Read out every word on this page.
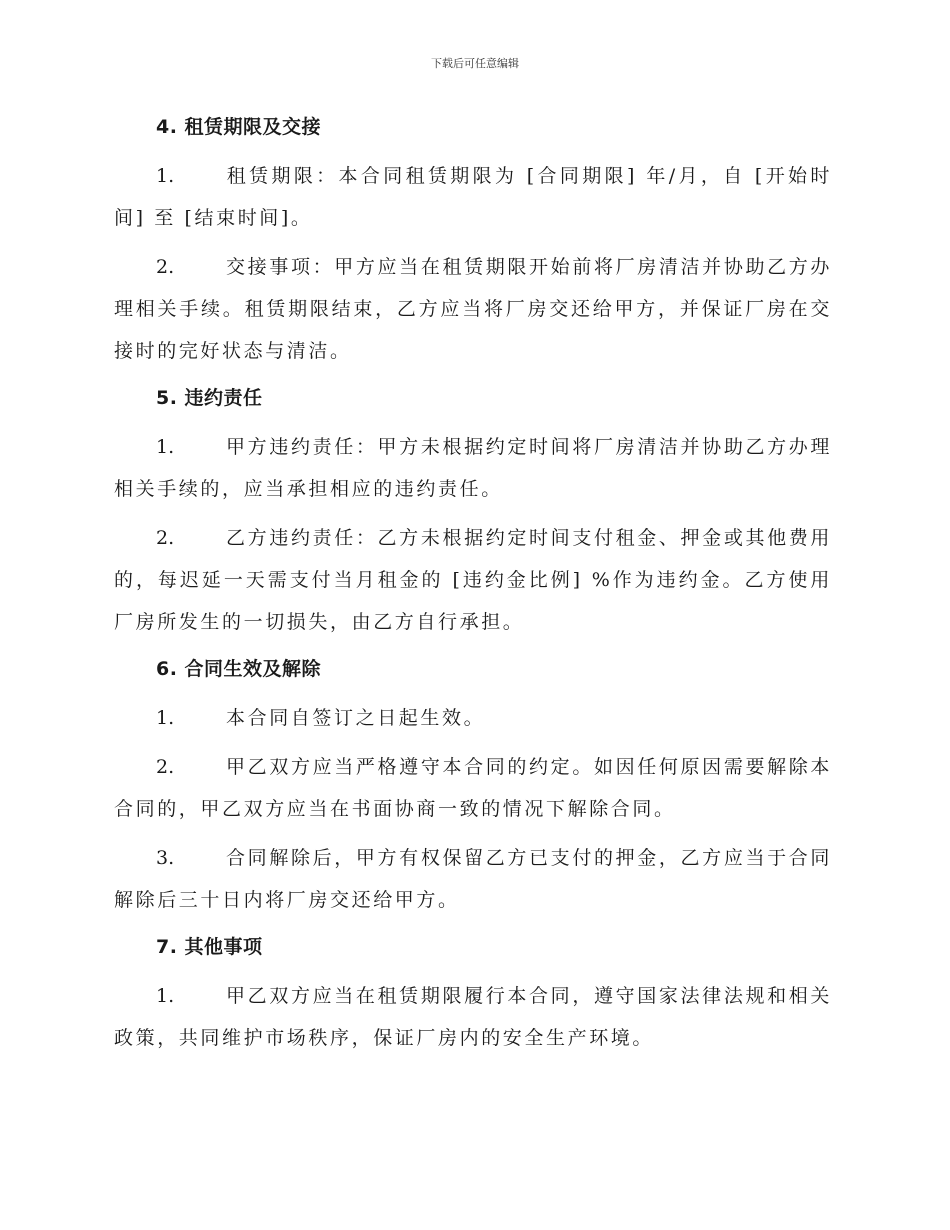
下载后可任意编辑

4. 租赁期限及交接

1.	租赁期限：本合同租赁期限为 [合同期限] 年/月，自 [开始时间] 至 [结束时间]。

2.	交接事项：甲方应当在租赁期限开始前将厂房清洁并协助乙方办理相关手续。租赁期限结束，乙方应当将厂房交还给甲方，并保证厂房在交接时的完好状态与清洁。

5. 违约责任

1.	甲方违约责任：甲方未根据约定时间将厂房清洁并协助乙方办理相关手续的，应当承担相应的违约责任。

2.	乙方违约责任：乙方未根据约定时间支付租金、押金或其他费用的，每迟延一天需支付当月租金的 [违约金比例] %作为违约金。乙方使用厂房所发生的一切损失，由乙方自行承担。

6. 合同生效及解除

1.	本合同自签订之日起生效。

2.	甲乙双方应当严格遵守本合同的约定。如因任何原因需要解除本合同的，甲乙双方应当在书面协商一致的情况下解除合同。

3.	合同解除后，甲方有权保留乙方已支付的押金，乙方应当于合同解除后三十日内将厂房交还给甲方。

7. 其他事项

1.	甲乙双方应当在租赁期限履行本合同，遵守国家法律法规和相关政策，共同维护市场秩序，保证厂房内的安全生产环境。
